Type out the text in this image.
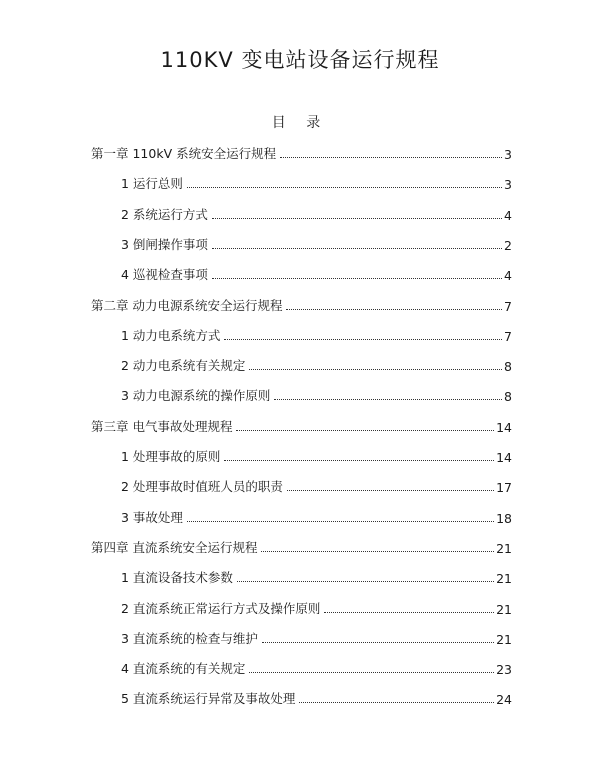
110KV 变电站设备运行规程
目 录
第一章 110kV 系统安全运行规程	3
1 运行总则	3
2 系统运行方式	4
3 倒闸操作事项	2
4 巡视检查事项	4
第二章 动力电源系统安全运行规程	7
1 动力电系统方式	7
2 动力电系统有关规定	8
3 动力电源系统的操作原则	8
第三章 电气事故处理规程	14
1 处理事故的原则	14
2 处理事故时值班人员的职责	17
3 事故处理	18
第四章 直流系统安全运行规程	21
1 直流设备技术参数	21
2 直流系统正常运行方式及操作原则	21
3 直流系统的检查与维护	21
4 直流系统的有关规定	23
5 直流系统运行异常及事故处理	24
